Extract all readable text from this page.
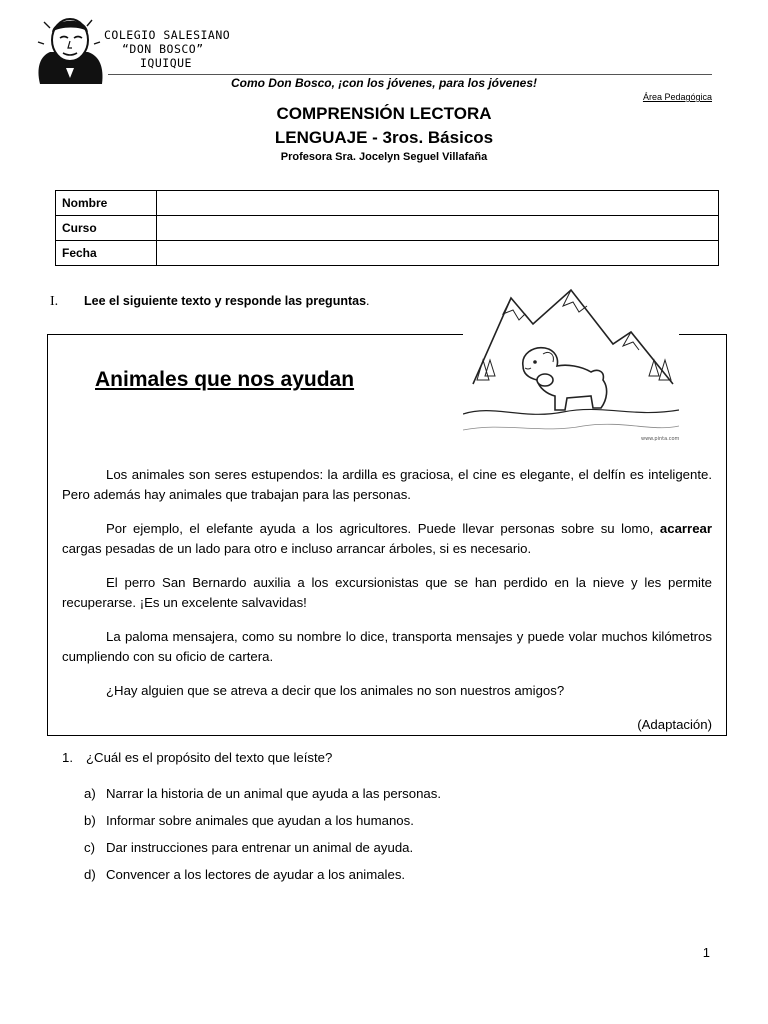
COLEGIO SALESIANO
“DON BOSCO”
IQUIQUE
Como Don Bosco, ¡con los jóvenes, para los jóvenes!
Área Pedagógica
COMPRENSIÓN LECTORA
LENGUAJE - 3ros. Básicos
Profesora Sra. Jocelyn Seguel Villafaña
Nombre	
Curso	
Fecha	
I. Lee el siguiente texto y responde las preguntas.
www.pinta.com
Animales que nos ayudan

Los animales son seres estupendos: la ardilla es graciosa, el cine es elegante, el delfín es inteligente. Pero además hay animales que trabajan para las personas.

Por ejemplo, el elefante ayuda a los agricultores. Puede llevar personas sobre su lomo, acarrear cargas pesadas de un lado para otro e incluso arrancar árboles, si es necesario.

El perro San Bernardo auxilia a los excursionistas que se han perdido en la nieve y les permite recuperarse. ¡Es un excelente salvavidas!

La paloma mensajera, como su nombre lo dice, transporta mensajes y puede volar muchos kilómetros cumpliendo con su oficio de cartera.

¿Hay alguien que se atreva a decir que los animales no son nuestros amigos?

(Adaptación)
1. ¿Cuál es el propósito del texto que leíste?
a) Narrar la historia de un animal que ayuda a las personas.
b) Informar sobre animales que ayudan a los humanos.
c) Dar instrucciones para entrenar un animal de ayuda.
d) Convencer a los lectores de ayudar a los animales.
1
